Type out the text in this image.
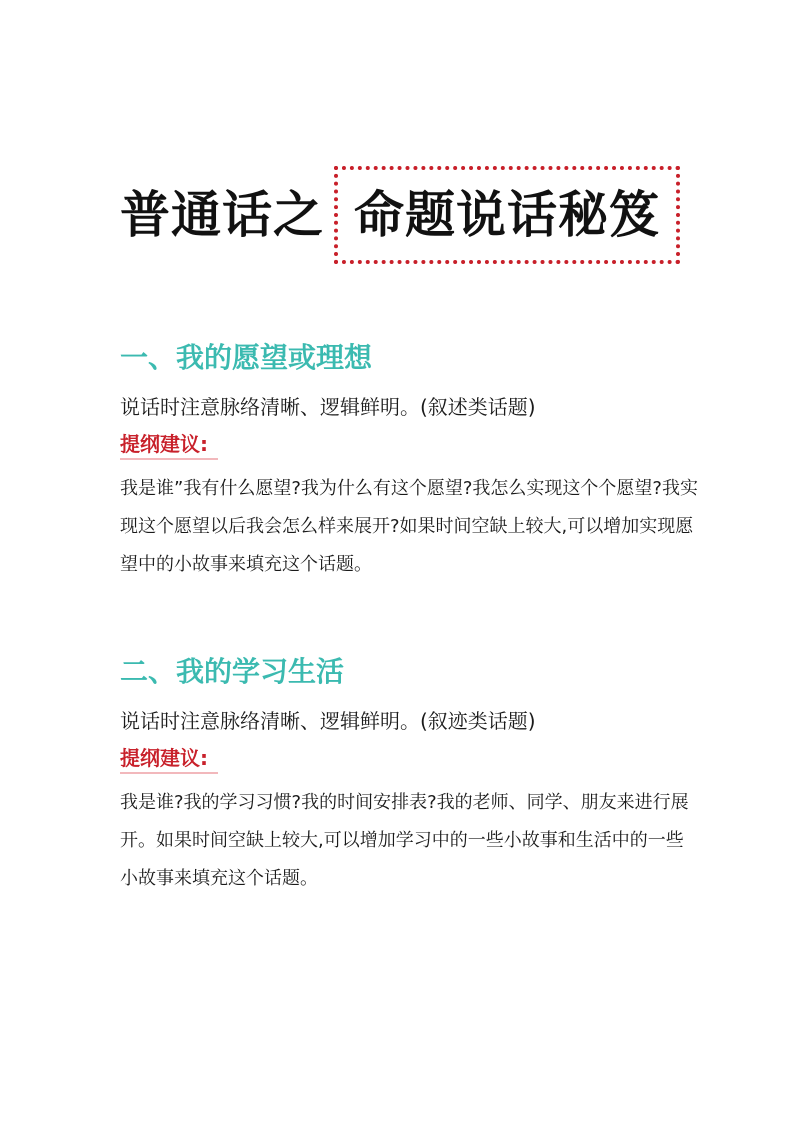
普通话之 命题说话秘笈
一、我的愿望或理想
说话时注意脉络清晰、逻辑鲜明。(叙述类话题)
提纲建议:
我是谁”我有什么愿望?我为什么有这个愿望?我怎么实现这个个愿望?我实现这个愿望以后我会怎么样来展开?如果时间空缺上较大,可以增加实现愿望中的小故事来填充这个话题。
二、我的学习生活
说话时注意脉络清晰、逻辑鲜明。(叙迹类话题)
提纲建议:
我是谁?我的学习习惯?我的时间安排表?我的老师、同学、朋友来进行展开。如果时间空缺上较大,可以增加学习中的一些小故事和生活中的一些小故事来填充这个话题。
